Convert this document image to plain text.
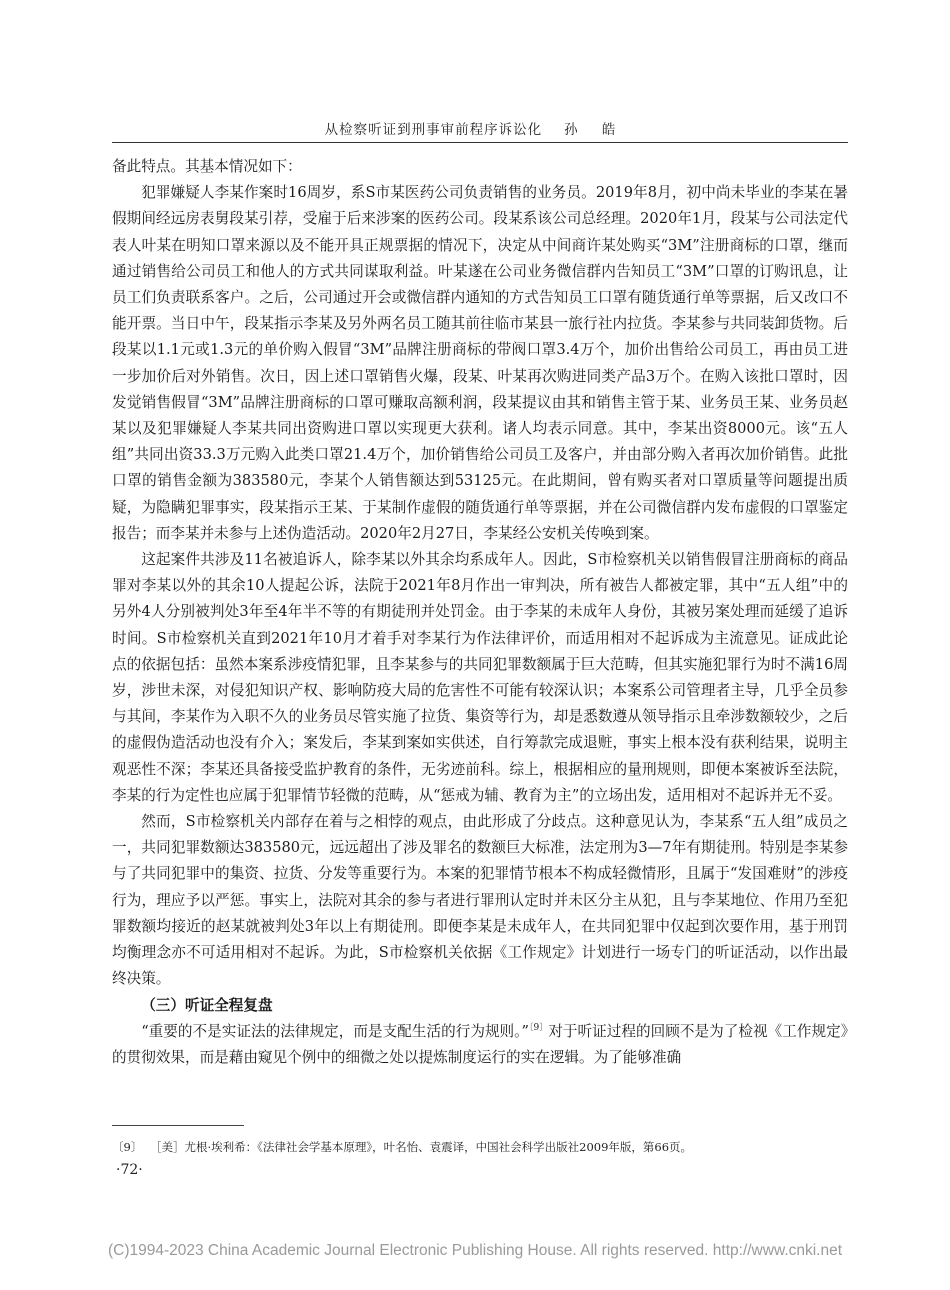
从检察听证到刑事审前程序诉讼化 孙 皓

备此特点。其基本情况如下：

犯罪嫌疑人李某作案时16周岁，系S市某医药公司负责销售的业务员。2019年8月，初中尚未毕业的李某在暑假期间经远房表舅段某引荐，受雇于后来涉案的医药公司。段某系该公司总经理。2020年1月，段某与公司法定代表人叶某在明知口罩来源以及不能开具正规票据的情况下，决定从中间商许某处购买“3M”注册商标的口罩，继而通过销售给公司员工和他人的方式共同谋取利益。叶某遂在公司业务微信群内告知员工“3M”口罩的订购讯息，让员工们负责联系客户。之后，公司通过开会或微信群内通知的方式告知员工口罩有随货通行单等票据，后又改口不能开票。当日中午，段某指示李某及另外两名员工随其前往临市某县一旅行社内拉货。李某参与共同装卸货物。后段某以1.1元或1.3元的单价购入假冒“3M”品牌注册商标的带阀口罩3.4万个，加价出售给公司员工，再由员工进一步加价后对外销售。次日，因上述口罩销售火爆，段某、叶某再次购进同类产品3万个。在购入该批口罩时，因发觉销售假冒“3M”品牌注册商标的口罩可赚取高额利润，段某提议由其和销售主管于某、业务员王某、业务员赵某以及犯罪嫌疑人李某共同出资购进口罩以实现更大获利。诸人均表示同意。其中，李某出资8000元。该“五人组”共同出资33.3万元购入此类口罩21.4万个，加价销售给公司员工及客户，并由部分购入者再次加价销售。此批口罩的销售金额为383580元，李某个人销售额达到53125元。在此期间，曾有购买者对口罩质量等问题提出质疑，为隐瞒犯罪事实，段某指示王某、于某制作虚假的随货通行单等票据，并在公司微信群内发布虚假的口罩鉴定报告；而李某并未参与上述伪造活动。2020年2月27日，李某经公安机关传唤到案。

这起案件共涉及11名被追诉人，除李某以外其余均系成年人。因此，S市检察机关以销售假冒注册商标的商品罪对李某以外的其余10人提起公诉，法院于2021年8月作出一审判决，所有被告人都被定罪，其中“五人组”中的另外4人分别被判处3年至4年半不等的有期徒刑并处罚金。由于李某的未成年人身份，其被另案处理而延缓了追诉时间。S市检察机关直到2021年10月才着手对李某行为作法律评价，而适用相对不起诉成为主流意见。证成此论点的依据包括：虽然本案系涉疫情犯罪，且李某参与的共同犯罪数额属于巨大范畴，但其实施犯罪行为时不满16周岁，涉世未深，对侵犯知识产权、影响防疫大局的危害性不可能有较深认识；本案系公司管理者主导，几乎全员参与其间，李某作为入职不久的业务员尽管实施了拉货、集资等行为，却是悉数遵从领导指示且牵涉数额较少，之后的虚假伪造活动也没有介入；案发后，李某到案如实供述，自行筹款完成退赃，事实上根本没有获利结果，说明主观恶性不深；李某还具备接受监护教育的条件，无劣迹前科。综上，根据相应的量刑规则，即便本案被诉至法院，李某的行为定性也应属于犯罪情节轻微的范畴，从“惩戒为辅、教育为主”的立场出发，适用相对不起诉并无不妥。

然而，S市检察机关内部存在着与之相悖的观点，由此形成了分歧点。这种意见认为，李某系“五人组”成员之一，共同犯罪数额达383580元，远远超出了涉及罪名的数额巨大标准，法定刑为3—7年有期徒刑。特别是李某参与了共同犯罪中的集资、拉货、分发等重要行为。本案的犯罪情节根本不构成轻微情形，且属于“发国难财”的涉疫行为，理应予以严惩。事实上，法院对其余的参与者进行罪刑认定时并未区分主从犯，且与李某地位、作用乃至犯罪数额均接近的赵某就被判处3年以上有期徒刑。即便李某是未成年人，在共同犯罪中仅起到次要作用，基于刑罚均衡理念亦不可适用相对不起诉。为此，S市检察机关依据《工作规定》计划进行一场专门的听证活动，以作出最终决策。

（三）听证全程复盘

“重要的不是实证法的法律规定，而是支配生活的行为规则。”$^{〔9〕}$对于听证过程的回顾不是为了检视《工作规定》的贯彻效果，而是藉由窥见个例中的细微之处以提炼制度运行的实在逻辑。为了能够准确

〔9〕 ［美］尤根·埃利希：《法律社会学基本原理》，叶名怡、袁震译，中国社会科学出版社2009年版，第66页。
·72·
(C)1994-2023 China Academic Journal Electronic Publishing House. All rights reserved. http://www.cnki.net
